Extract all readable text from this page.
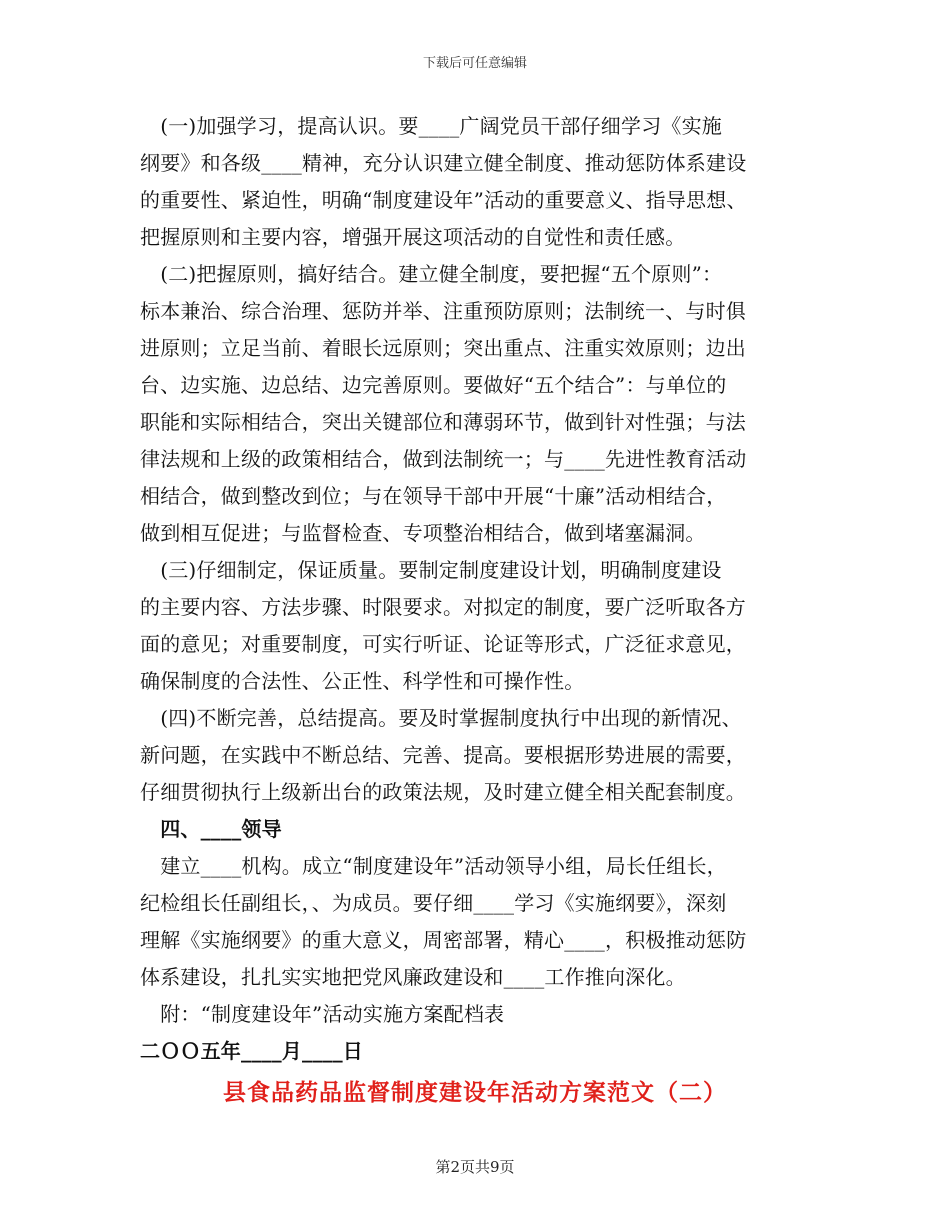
下载后可任意编辑
　(一)加强学习，提高认识。要____广阔党员干部仔细学习《实施
纲要》和各级____精神，充分认识建立健全制度、推动惩防体系建设
的重要性、紧迫性，明确“制度建设年”活动的重要意义、指导思想、
把握原则和主要内容，增强开展这项活动的自觉性和责任感。
　(二)把握原则，搞好结合。建立健全制度，要把握“五个原则”：
标本兼治、综合治理、惩防并举、注重预防原则；法制统一、与时俱
进原则；立足当前、着眼长远原则；突出重点、注重实效原则；边出
台、边实施、边总结、边完善原则。要做好“五个结合”：与单位的
职能和实际相结合，突出关键部位和薄弱环节，做到针对性强；与法
律法规和上级的政策相结合，做到法制统一；与____先进性教育活动
相结合，做到整改到位；与在领导干部中开展“十廉”活动相结合，
做到相互促进；与监督检查、专项整治相结合，做到堵塞漏洞。
　(三)仔细制定，保证质量。要制定制度建设计划，明确制度建设
的主要内容、方法步骤、时限要求。对拟定的制度，要广泛听取各方
面的意见；对重要制度，可实行听证、论证等形式，广泛征求意见，
确保制度的合法性、公正性、科学性和可操作性。
　(四)不断完善，总结提高。要及时掌握制度执行中出现的新情况、
新问题，在实践中不断总结、完善、提高。要根据形势进展的需要，
仔细贯彻执行上级新出台的政策法规，及时建立健全相关配套制度。
　四、____领导
　建立____机构。成立“制度建设年”活动领导小组，局长任组长，
纪检组长任副组长，、为成员。要仔细____学习《实施纲要》，深刻
理解《实施纲要》的重大意义，周密部署，精心____，积极推动惩防
体系建设，扎扎实实地把党风廉政建设和____工作推向深化。
　附：“制度建设年”活动实施方案配档表
二ＯＯ五年____月____日
县食品药品监督制度建设年活动方案范文（二）
第2页共9页
